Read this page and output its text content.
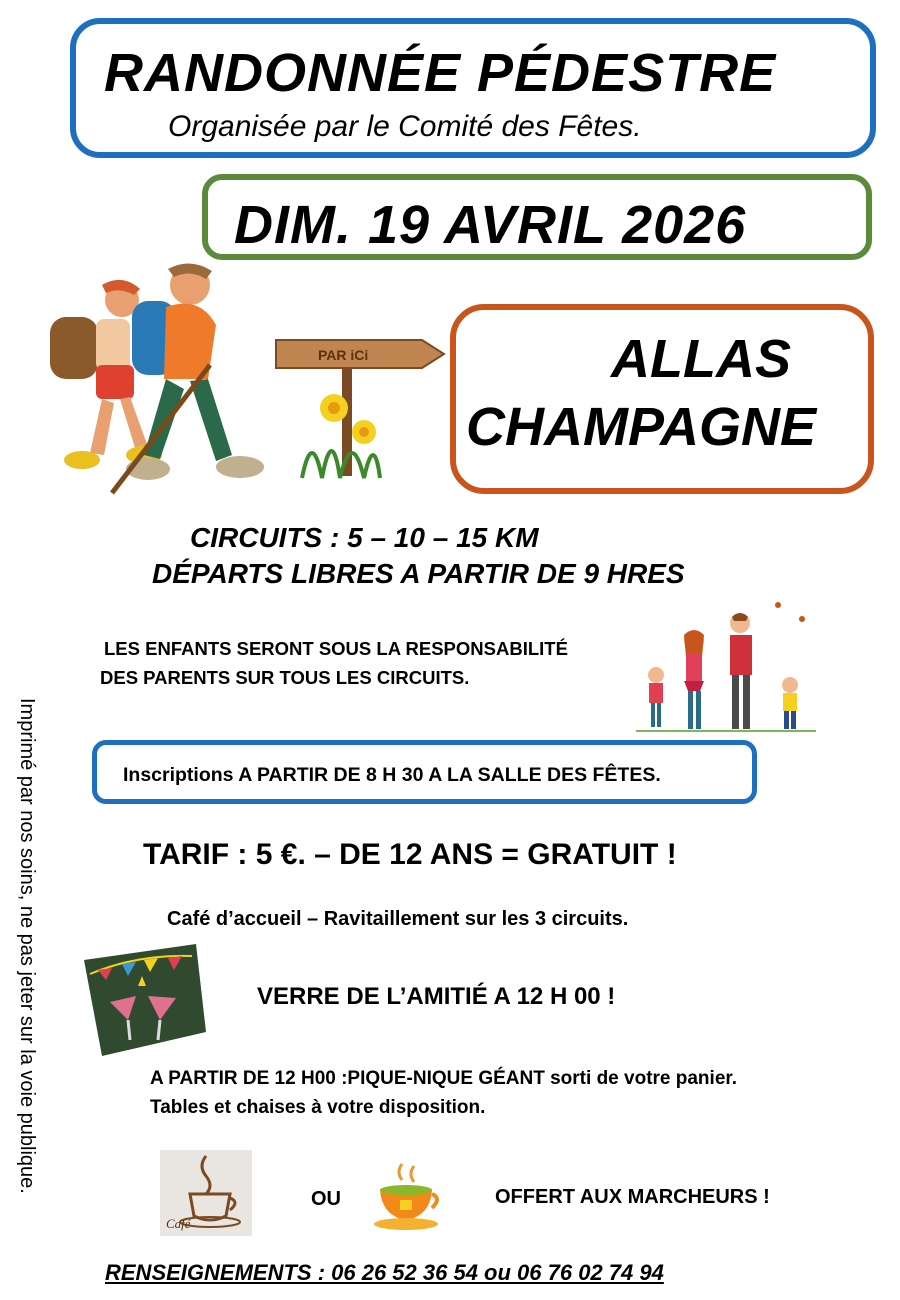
RANDONNÉE PÉDESTRE
Organisée par le Comité des Fêtes.
DIM. 19 AVRIL 2026
PAR iCi	ALLAS
CHAMPAGNE
CIRCUITS : 5 – 10 – 15 KM
DÉPARTS LIBRES A PARTIR DE 9 HRES
LES ENFANTS SERONT SOUS LA RESPONSABILITÉ
DES PARENTS SUR TOUS LES CIRCUITS.
Inscriptions A PARTIR DE 8 H 30 A LA SALLE DES FÊTES.
TARIF : 5 €. – DE 12 ANS = GRATUIT !
Café d’accueil – Ravitaillement sur les 3 circuits.
VERRE DE L’AMITIÉ A 12 H 00 !
A PARTIR DE 12 H00 :PIQUE-NIQUE GÉANT sorti de votre panier.
Tables et chaises à votre disposition.
Café
OU	OFFERT AUX MARCHEURS !
RENSEIGNEMENTS : 06 26 52 36 54 ou 06 76 02 74 94
Imprimé par nos soins, ne pas jeter sur la voie publique.
